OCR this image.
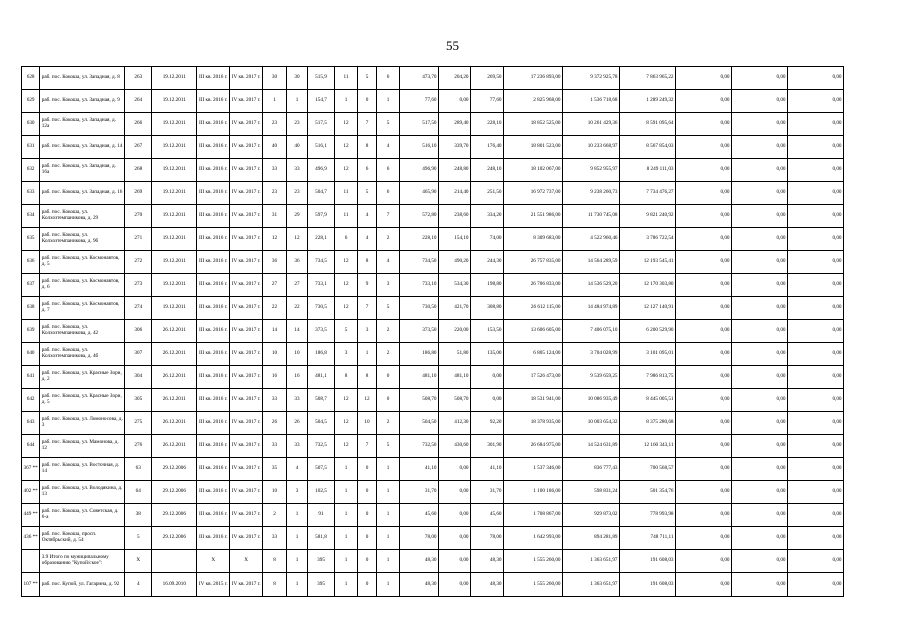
55
628	раб. пос. Кокоша, ул. Западная, д. 8	263	19.12.2011	III кв. 2016 г.	IV кв. 2017 г.	30	30	515,9	11	5	6	473,70	204,20	269,50	17 236 893,00	9 372 925,78	7 863 965,22	0,00	0,00	0,00
629	раб. пос. Кокоша, ул. Западная, д. 9	264	19.12.2011	III кв. 2016 г.	IV кв. 2017 г.	1	1	154,7	1	0	1	77,60	0,00	77,60	2 825 968,00	1 536 718,68	1 289 249,32	0,00	0,00	0,00
630	раб. пос. Кокоша, ул. Западная, д. 12а	266	19.12.2011	III кв. 2016 г.	IV кв. 2017 г.	23	23	517,5	12	7	5	517,50	289,40	228,10	18 852 525,00	10 261 429,36	8 591 095,64	0,00	0,00	0,00
631	раб. пос. Кокоша, ул. Западная, д. 14	267	19.12.2011	III кв. 2016 г.	IV кв. 2017 г.	40	40	516,1	12	8	4	516,10	339,70	176,40	18 801 523,00	10 233 668,97	8 567 854,03	0,00	0,00	0,00
632	раб. пос. Кокоша, ул. Западная, д. 16а	268	19.12.2011	III кв. 2016 г.	IV кв. 2017 г.	33	33	496,9	12	6	6	496,90	248,80	248,10	18 102 067,00	9 852 955,97	8 249 111,03	0,00	0,00	0,00
633	раб. пос. Кокоша, ул. Западная, д. 16	269	19.12.2011	III кв. 2016 г.	IV кв. 2017 г.	23	23	504,7	11	5	6	465,90	214,40	251,50	16 972 737,00	9 238 260,73	7 734 476,27	0,00	0,00	0,00
634	раб. пос. Кокоша, ул. Колхозтемпаникова, д. 29	270	19.12.2011	III кв. 2016 г.	IV кв. 2017 г.	31	29	597,9	11	4	7	572,80	238,60	334,20	21 551 986,00	11 730 745,08	9 821 240,92	0,00	0,00	0,00
635	раб. пос. Кокоша, ул. Колхозтемпаникова, д. 9б	271	19.12.2011	III кв. 2016 г.	IV кв. 2017 г.	12	12	228,1	6	4	2	228,10	154,10	74,00	8 309 683,00	4 522 960,46	3 786 722,54	0,00	0,00	0,00
636	раб. пос. Кокоша, ул. Космонавтов, д. 5	272	19.12.2011	III кв. 2016 г.	IV кв. 2017 г.	36	36	734,5	12	8	4	734,50	490,20	244,30	26 757 835,00	14 564 289,59	12 193 545,41	0,00	0,00	0,00
637	раб. пос. Кокоша, ул. Космонавтов, д. 6	273	19.12.2011	III кв. 2016 г.	IV кв. 2017 г.	27	27	733,1	12	9	3	733,10	534,30	198,80	26 706 833,00	14 536 529,20	12 170 303,80	0,00	0,00	0,00
638	раб. пос. Кокоша, ул. Космонавтов, д. 7	274	19.12.2011	III кв. 2016 г.	IV кв. 2017 г.	22	22	730,5	12	7	5	730,50	421,70	308,80	26 612 115,00	14 484 974,89	12 127 140,91	0,00	0,00	0,00
639	раб. пос. Кокоша, ул. Колхозтемпаникова, д. 42	306	26.12.2011	III кв. 2016 г.	IV кв. 2017 г.	14	14	373,5	5	3	2	373,50	220,00	153,50	13 606 605,00	7 406 075,10	6 200 529,90	0,00	0,00	0,00
640	раб. пос. Кокоша, ул. Колхозтемпаникова, д. 4б	307	26.12.2011	III кв. 2016 г.	IV кв. 2017 г.	10	10	186,8	3	1	2	186,80	51,80	135,00	6 805 124,00	3 704 028,99	3 101 095,01	0,00	0,00	0,00
641	раб. пос. Кокоша, ул. Красные Зори, д. 2	304	26.12.2011	III кв. 2016 г.	IV кв. 2017 г.	16	16	481,1	8	8	0	481,10	481,10	0,00	17 526 473,00	9 539 659,25	7 986 813,75	0,00	0,00	0,00
642	раб. пос. Кокоша, ул. Красные Зори, д. 5	305	26.12.2011	III кв. 2016 г.	IV кв. 2017 г.	33	33	508,7	12	12	0	508,70	508,70	0,00	18 531 941,00	10 086 935,49	8 445 005,51	0,00	0,00	0,00
643	раб. пос. Кокоша, ул. Ломоносова, д. 3	275	26.12.2011	III кв. 2016 г.	IV кв. 2017 г.	26	26	504,5	12	10	2	504,50	412,30	92,20	18 378 935,00	10 003 654,32	8 375 280,68	0,00	0,00	0,00
644	раб. пос. Кокоша, ул. Мамонова, д. 12	276	26.12.2011	III кв. 2016 г.	IV кв. 2017 г.	33	33	732,5	12	7	5	732,50	430,60	301,90	26 684 975,00	14 524 631,89	12 160 343,11	0,00	0,00	0,00
367 **	раб. пос. Кокоша, ул. Восточная, д. 14	63	29.12.2006	III кв. 2016 г.	IV кв. 2017 г.	35	4	507,5	1	0	1	41,10	0,00	41,10	1 537 346,00	836 777,43	700 568,57	0,00	0,00	0,00
402 **	раб. пос. Кокоша, ул. Володякина, д. 13	64	29.12.2006	III кв. 2016 г.	IV кв. 2017 г.	10	3	102,5	1	0	1	31,70	0,00	31,70	1 100 186,00	598 831,24	501 354,76	0,00	0,00	0,00
449 **	раб. пос. Кокоша, ул. Советская, д. 6-а	38	29.12.2006	III кв. 2016 г.	IV кв. 2017 г.	2	1	91	1	0	1	45,60	0,00	45,60	1 708 867,00	929 873,02	778 993,98	0,00	0,00	0,00
436 **	раб. пос. Кокоша, просп. Октябрьский, д. 54	5	29.12.2006	III кв. 2016 г.	IV кв. 2017 г.	33	1	581,8	1	0	1	78,00	0,00	78,00	1 642 993,00	894 281,89	748 711,11	0,00	0,00	0,00
	3.9 Итого по муниципальному образованию "Купой/ское":	X		X	X	8	1	395	1	0	1	48,30	0,00	48,30	1 555 260,00	1 363 651,97	191 608,03	0,00	0,00	0,00
107 **	раб. пос. Купой, ул. Гагарина, д. 92	4	16.09.2010	IV кв. 2015 г.	IV кв. 2017 г.	8	1	395	1	0	1	48,30	0,00	48,30	1 555 260,00	1 363 651,97	191 608,03	0,00	0,00	0,00
